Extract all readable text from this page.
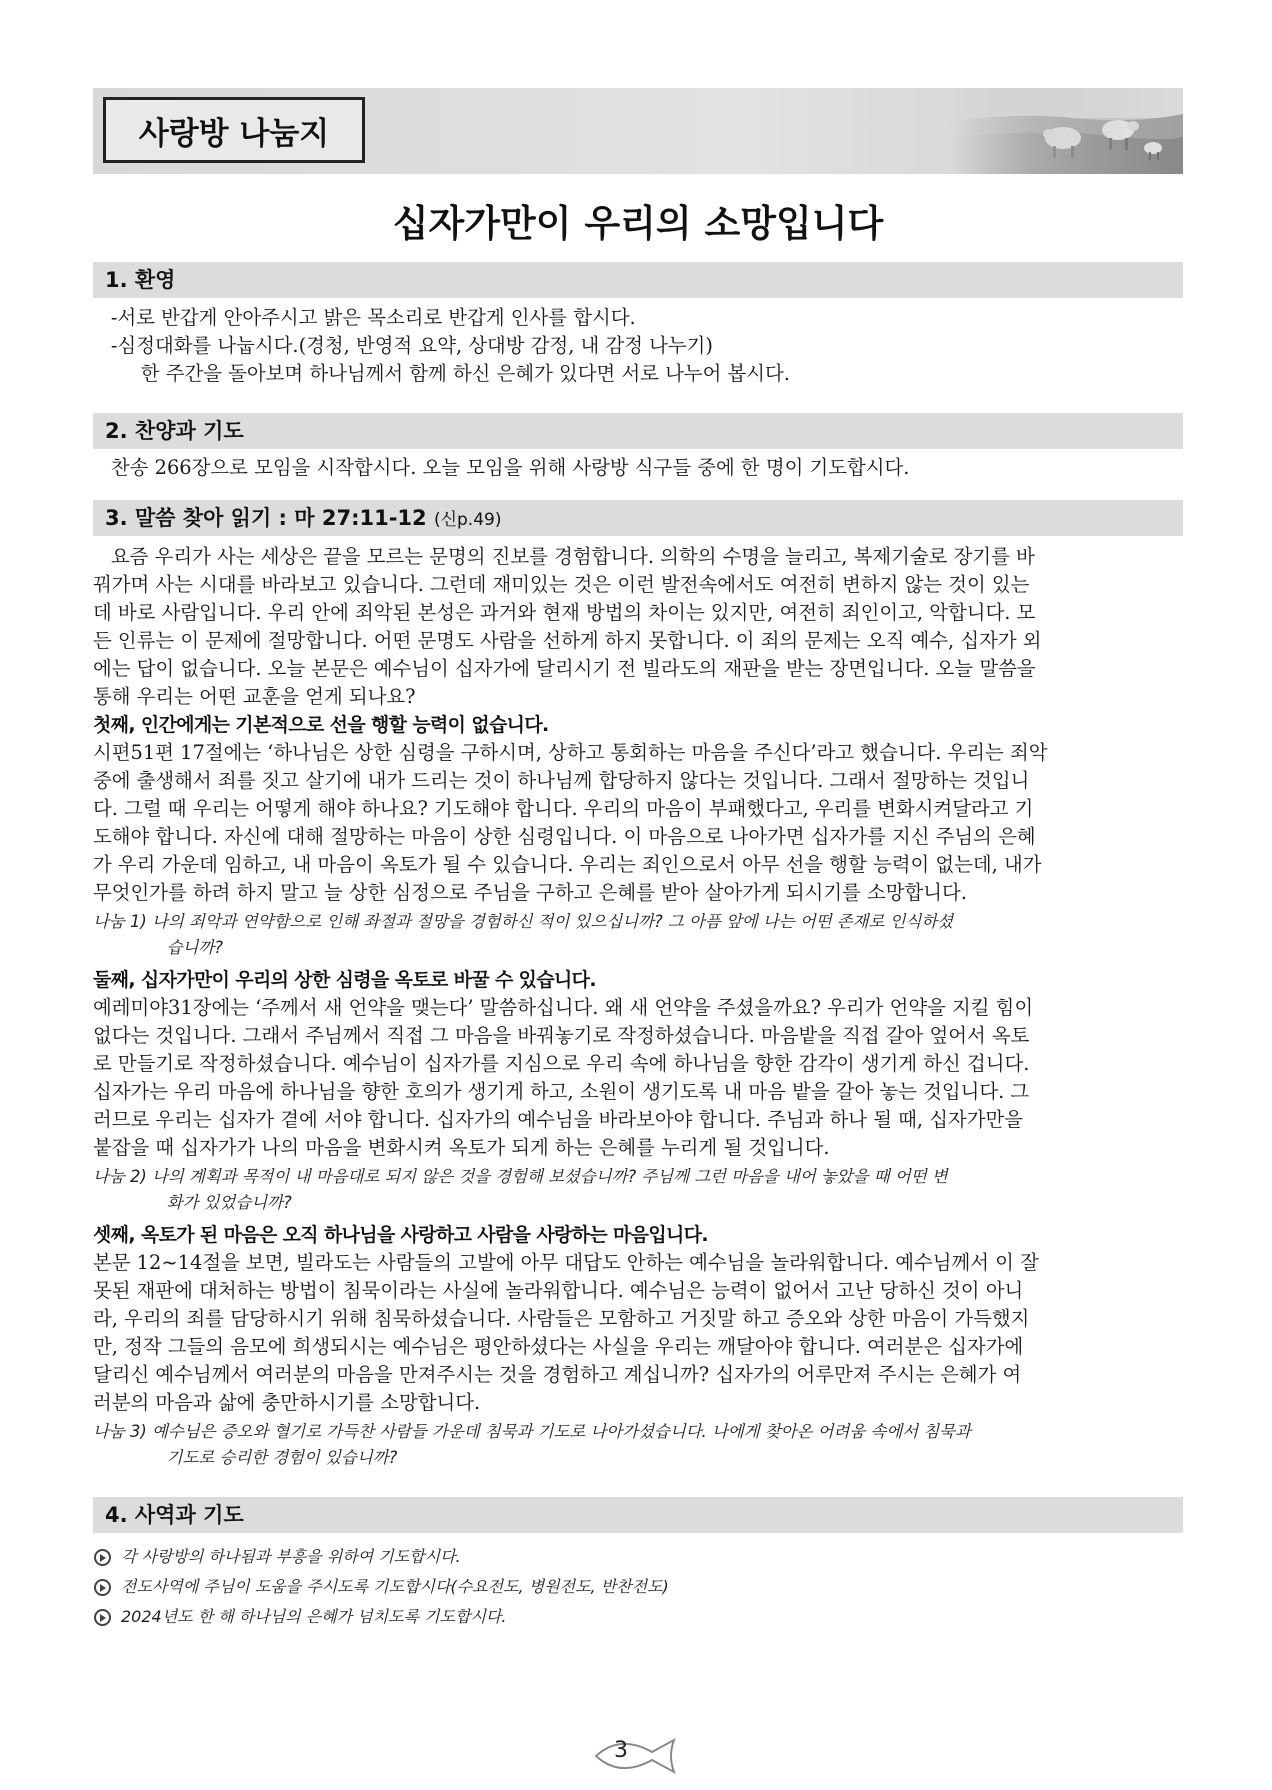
사랑방 나눔지
십자가만이 우리의 소망입니다
1. 환영
-서로 반갑게 안아주시고 밝은 목소리로 반갑게 인사를 합시다.
-심정대화를 나눕시다.(경청, 반영적 요약, 상대방 감정, 내 감정 나누기)
한 주간을 돌아보며 하나님께서 함께 하신 은혜가 있다면 서로 나누어 봅시다.
2. 찬양과 기도
찬송 266장으로 모임을 시작합시다. 오늘 모임을 위해 사랑방 식구들 중에 한 명이 기도합시다.
3. 말씀 찾아 읽기 : 마 27:11-12 (신p.49)
요즘 우리가 사는 세상은 끝을 모르는 문명의 진보를 경험합니다. 의학의 수명을 늘리고, 복제기술로 장기를 바
꿔가며 사는 시대를 바라보고 있습니다. 그런데 재미있는 것은 이런 발전속에서도 여전히 변하지 않는 것이 있는
데 바로 사람입니다. 우리 안에 죄악된 본성은 과거와 현재 방법의 차이는 있지만, 여전히 죄인이고, 악합니다. 모
든 인류는 이 문제에 절망합니다. 어떤 문명도 사람을 선하게 하지 못합니다. 이 죄의 문제는 오직 예수, 십자가 외
에는 답이 없습니다. 오늘 본문은 예수님이 십자가에 달리시기 전 빌라도의 재판을 받는 장면입니다. 오늘 말씀을
통해 우리는 어떤 교훈을 얻게 되나요?
첫째, 인간에게는 기본적으로 선을 행할 능력이 없습니다.
시편51편 17절에는 ‘하나님은 상한 심령을 구하시며, 상하고 통회하는 마음을 주신다’라고 했습니다. 우리는 죄악
중에 출생해서 죄를 짓고 살기에 내가 드리는 것이 하나님께 합당하지 않다는 것입니다. 그래서 절망하는 것입니
다. 그럴 때 우리는 어떻게 해야 하나요? 기도해야 합니다. 우리의 마음이 부패했다고, 우리를 변화시켜달라고 기
도해야 합니다. 자신에 대해 절망하는 마음이 상한 심령입니다. 이 마음으로 나아가면 십자가를 지신 주님의 은혜
가 우리 가운데 임하고, 내 마음이 옥토가 될 수 있습니다. 우리는 죄인으로서 아무 선을 행할 능력이 없는데, 내가
무엇인가를 하려 하지 말고 늘 상한 심정으로 주님을 구하고 은혜를 받아 살아가게 되시기를 소망합니다.
나눔 1) 나의 죄악과 연약함으로 인해 좌절과 절망을 경험하신 적이 있으십니까? 그 아픔 앞에 나는 어떤 존재로 인식하셨
습니까?
둘째, 십자가만이 우리의 상한 심령을 옥토로 바꿀 수 있습니다.
예레미야31장에는 ‘주께서 새 언약을 맺는다’ 말씀하십니다. 왜 새 언약을 주셨을까요? 우리가 언약을 지킬 힘이
없다는 것입니다. 그래서 주님께서 직접 그 마음을 바꿔놓기로 작정하셨습니다. 마음밭을 직접 갈아 엎어서 옥토
로 만들기로 작정하셨습니다. 예수님이 십자가를 지심으로 우리 속에 하나님을 향한 감각이 생기게 하신 겁니다.
십자가는 우리 마음에 하나님을 향한 호의가 생기게 하고, 소원이 생기도록 내 마음 밭을 갈아 놓는 것입니다. 그
러므로 우리는 십자가 곁에 서야 합니다. 십자가의 예수님을 바라보아야 합니다. 주님과 하나 될 때, 십자가만을
붙잡을 때 십자가가 나의 마음을 변화시켜 옥토가 되게 하는 은혜를 누리게 될 것입니다.
나눔 2) 나의 계획과 목적이 내 마음대로 되지 않은 것을 경험해 보셨습니까? 주님께 그런 마음을 내어 놓았을 때 어떤 변
화가 있었습니까?
셋째, 옥토가 된 마음은 오직 하나님을 사랑하고 사람을 사랑하는 마음입니다.
본문 12~14절을 보면, 빌라도는 사람들의 고발에 아무 대답도 안하는 예수님을 놀라워합니다. 예수님께서 이 잘
못된 재판에 대처하는 방법이 침묵이라는 사실에 놀라워합니다. 예수님은 능력이 없어서 고난 당하신 것이 아니
라, 우리의 죄를 담당하시기 위해 침묵하셨습니다. 사람들은 모함하고 거짓말 하고 증오와 상한 마음이 가득했지
만, 정작 그들의 음모에 희생되시는 예수님은 평안하셨다는 사실을 우리는 깨달아야 합니다. 여러분은 십자가에
달리신 예수님께서 여러분의 마음을 만져주시는 것을 경험하고 계십니까? 십자가의 어루만져 주시는 은혜가 여
러분의 마음과 삶에 충만하시기를 소망합니다.
나눔 3) 예수님은 증오와 혈기로 가득찬 사람들 가운데 침묵과 기도로 나아가셨습니다. 나에게 찾아온 어려움 속에서 침묵과
기도로 승리한 경험이 있습니까?
4. 사역과 기도
각 사랑방의 하나됨과 부흥을 위하여 기도합시다.
전도사역에 주님이 도움을 주시도록 기도합시다(수요전도, 병원전도, 반찬전도)
2024년도 한 해 하나님의 은혜가 넘치도록 기도합시다.
3
